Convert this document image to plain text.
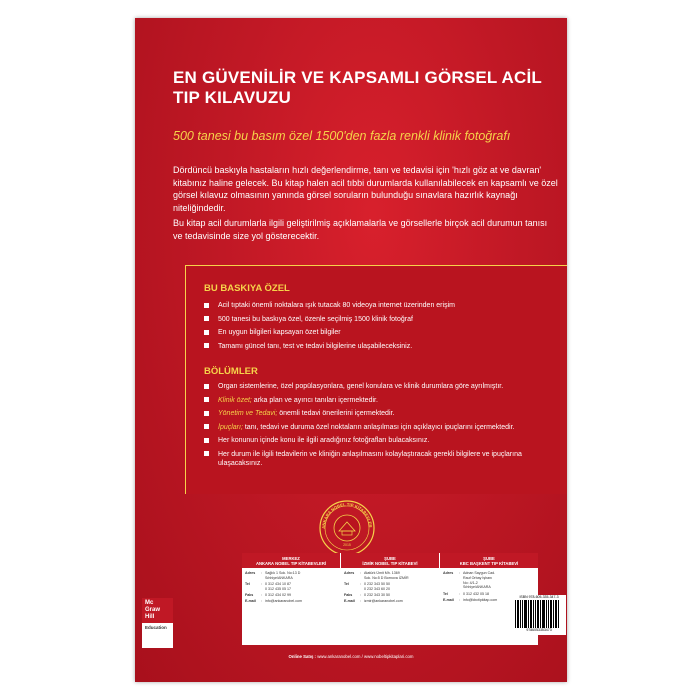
EN GÜVENİLİR VE KAPSAMLI GÖRSEL ACİL TIP KILAVUZU

500 tanesi bu basım özel 1500'den fazla renkli klinik fotoğrafı

Dördüncü baskıyla hastaların hızlı değerlendirme, tanı ve tedavisi için 'hızlı göz at ve davran' kitabınız haline gelecek. Bu kitap halen acil tıbbi durumlarda kullanılabilecek en kapsamlı ve özel görsel kılavuz olmasının yanında görsel soruların bulunduğu sınavlara hazırlık kaynağı niteliğindedir.

Bu kitap acil durumlarla ilgili geliştirilmiş açıklamalarla ve görsellerle birçok acil durumun tanısı ve tedavisinde size yol gösterecektir.

BU BASKIYA ÖZEL
Acil tıptaki önemli noktalara ışık tutacak 80 videoya internet üzerinden erişim
500 tanesi bu baskıya özel, özenle seçilmiş 1500 klinik fotoğraf
En uygun bilgileri kapsayan özet bilgiler
Tamamı güncel tanı, test ve tedavi bilgilerine ulaşabileceksiniz.
BÖLÜMLER
Organ sistemlerine, özel popülasyonlara, genel konulara ve klinik durumlara göre ayrılmıştır.
Klinik özet; arka plan ve ayırıcı tanıları içermektedir.
Yönetim ve Tedavi; önemli tedavi önerilerini içermektedir.
İpuçları; tanı, tedavi ve duruma özel noktaların anlaşılması için açıklayıcı ipuçlarını içermektedir.
Her konunun içinde konu ile ilgili aradığınız fotoğrafları bulacaksınız.
Her durum ile ilgili tedavilerin ve kliniğin anlaşılmasını kolaylaştıracak gerekli bilgilere ve ipuçlarına ulaşacaksınız.
ANKARA NOBEL TIP KİTABEVLER
2015
MERKEZ
ANKARA NOBEL TIP KİTABEVLERİ
Adres	: Sağlık 1 Sok. No:13 D
Sıhhiye/ANKARA
Tel	: 0 312 434 10 87
0 312 435 05 17
Faks	: 0 312 434 02 99
E-mail	: info@ankaranobel.com
ŞUBE
İZMİR NOBEL TIP KİTABEVİ
Adres	: Atatürk Ümit Mh. 1369
Sok. No:5 D Bornova İZMİR
Tel	: 0 232 343 50 50
0 232 343 60 20
Faks	: 0 232 343 30 50
E-mail	: izmir@ankaranobel.com
ŞUBE
KBC BAŞKENT TIP KİTABEVİ
Adres	: Adnan Saygun Cad.
Rauf Orbay İşhanı
No: 4/1-2
Sıhhiye/ANKARA
Tel	: 0 312 432 05 18
E-mail	: info@kbctipkitap.com
ISBN 978-605-335-347-3
9786053353473
Mc
Graw
Hill
Education
Online Satış : www.ankaranobel.com / www.nobeltipkitaplari.com
